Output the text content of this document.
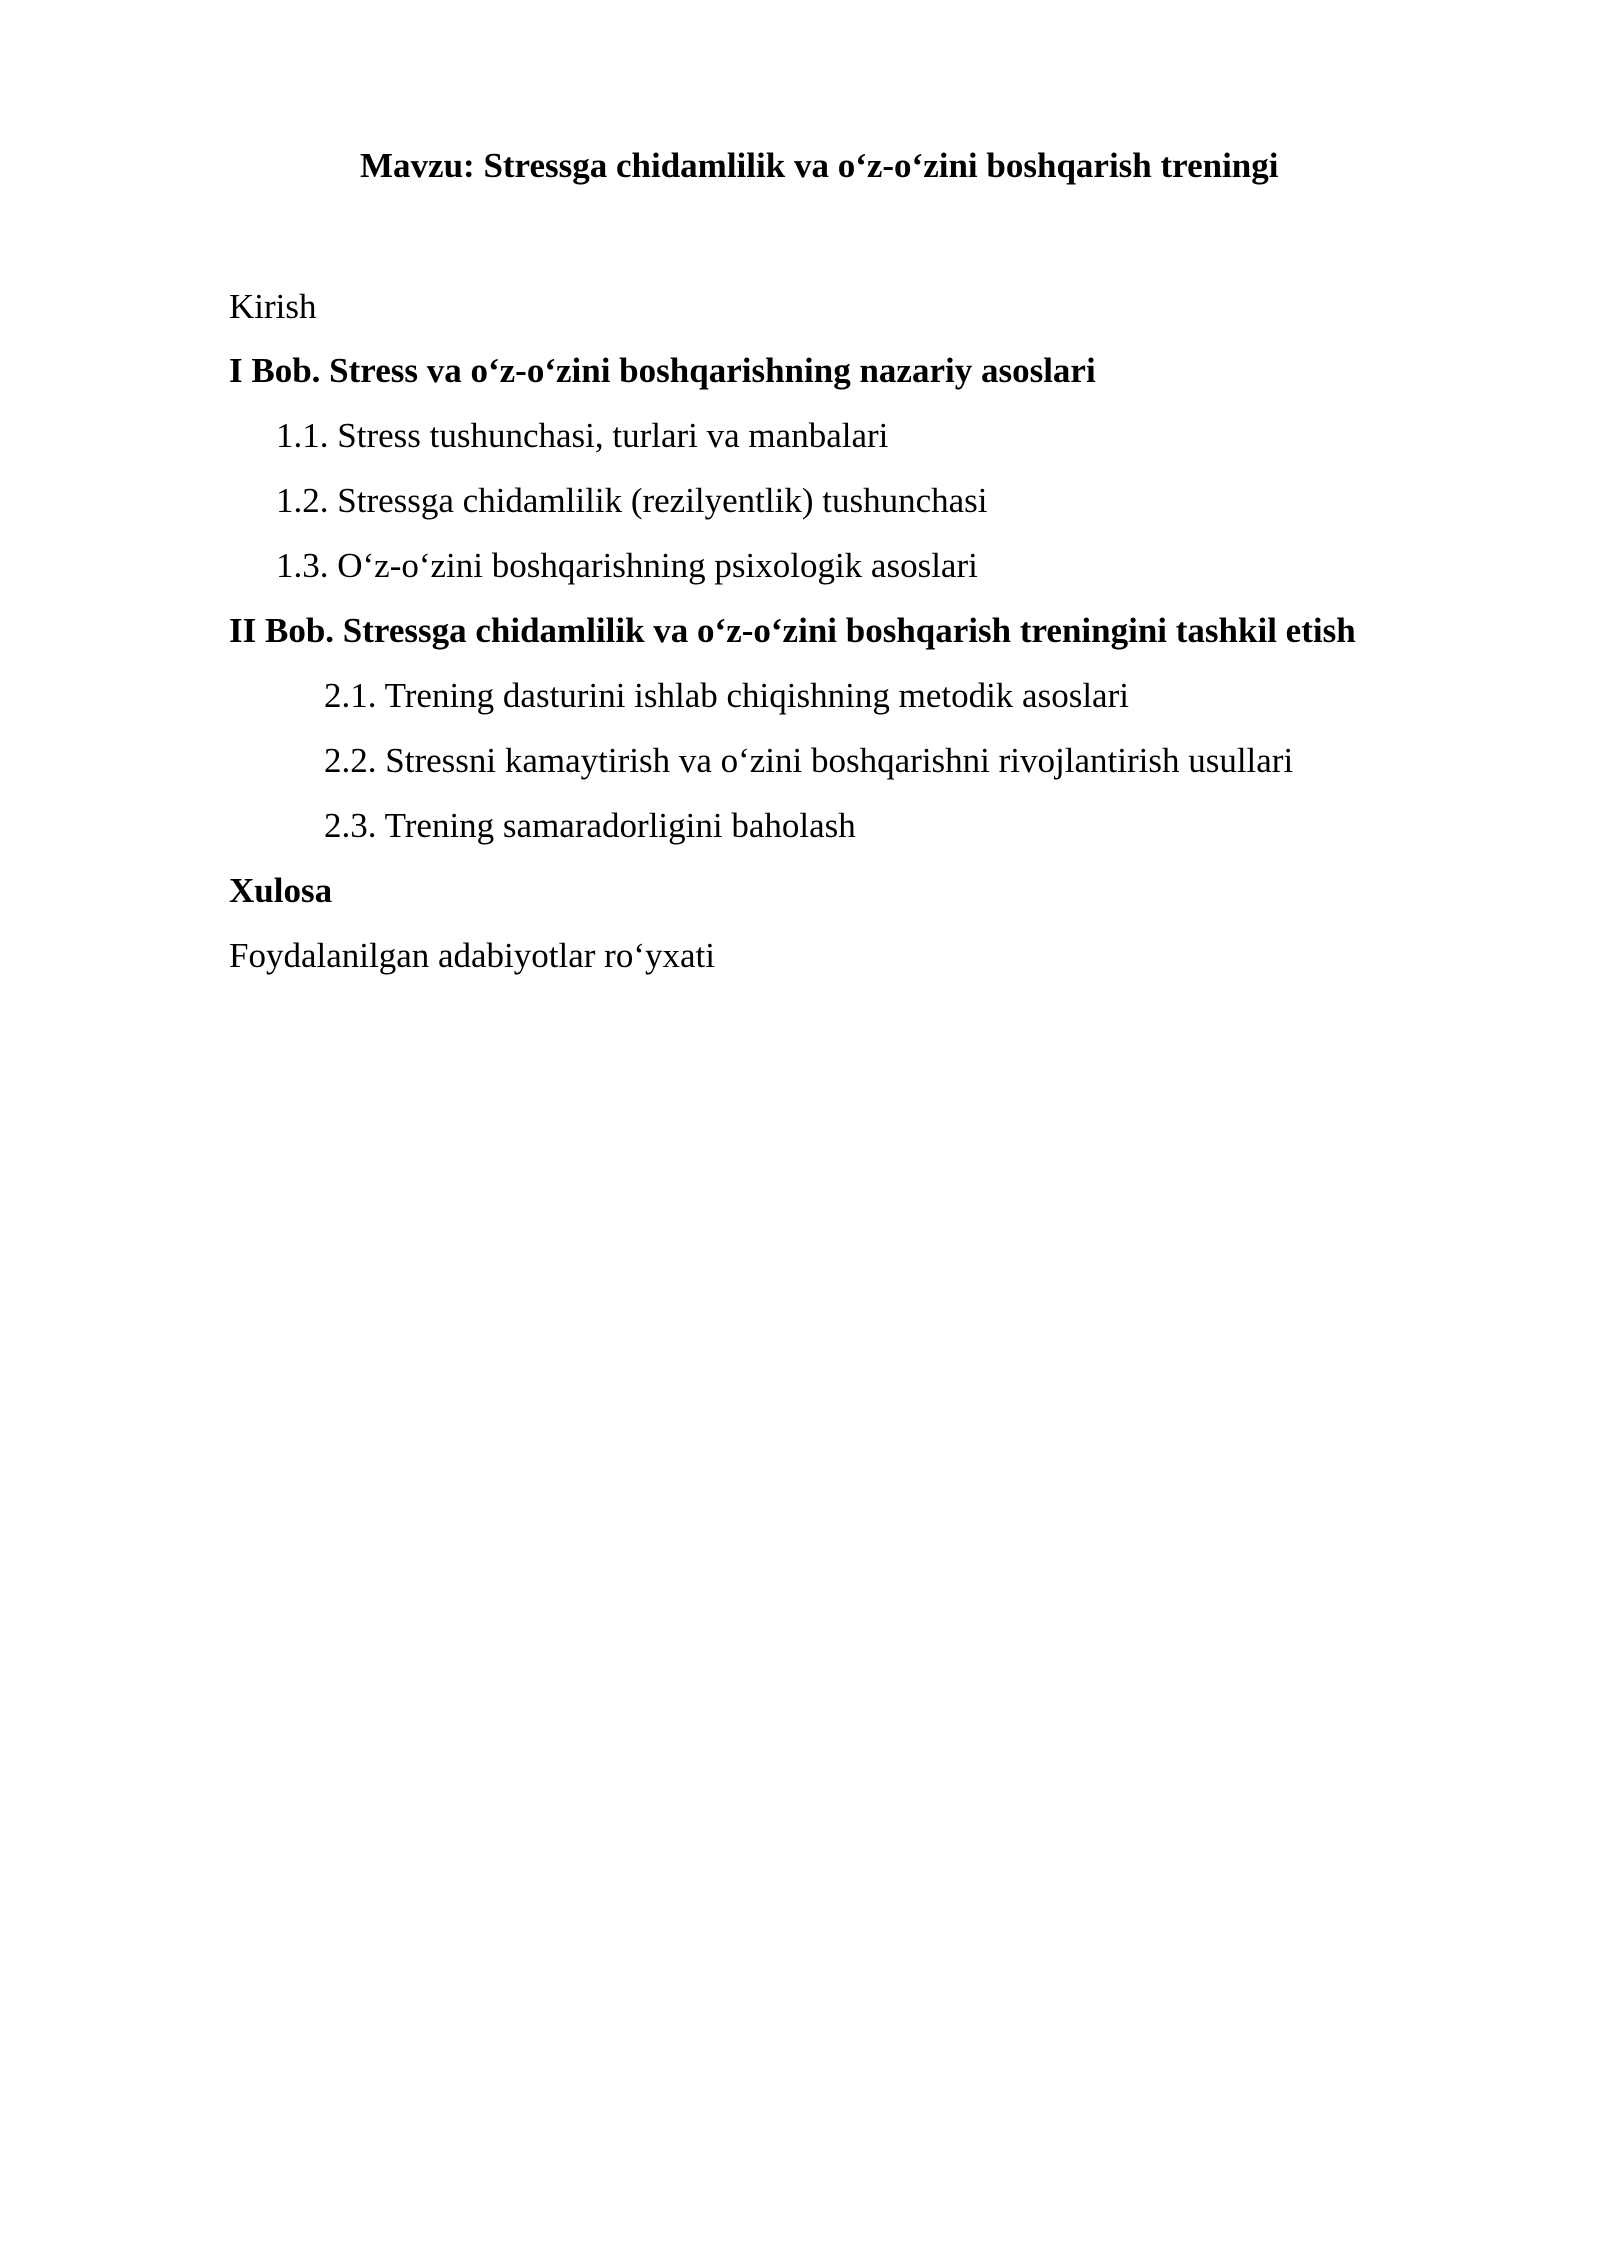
Mavzu: Stressga chidamlilik va o‘z-o‘zini boshqarish treningi
Kirish
I Bob. Stress va o‘z-o‘zini boshqarishning nazariy asoslari
1.1. Stress tushunchasi, turlari va manbalari
1.2. Stressga chidamlilik (rezilyentlik) tushunchasi
1.3. O‘z-o‘zini boshqarishning psixologik asoslari
II Bob. Stressga chidamlilik va o‘z-o‘zini boshqarish treningini tashkil etish
2.1. Trening dasturini ishlab chiqishning metodik asoslari
2.2. Stressni kamaytirish va o‘zini boshqarishni rivojlantirish usullari
2.3. Trening samaradorligini baholash
Xulosa
Foydalanilgan adabiyotlar ro‘yxati
